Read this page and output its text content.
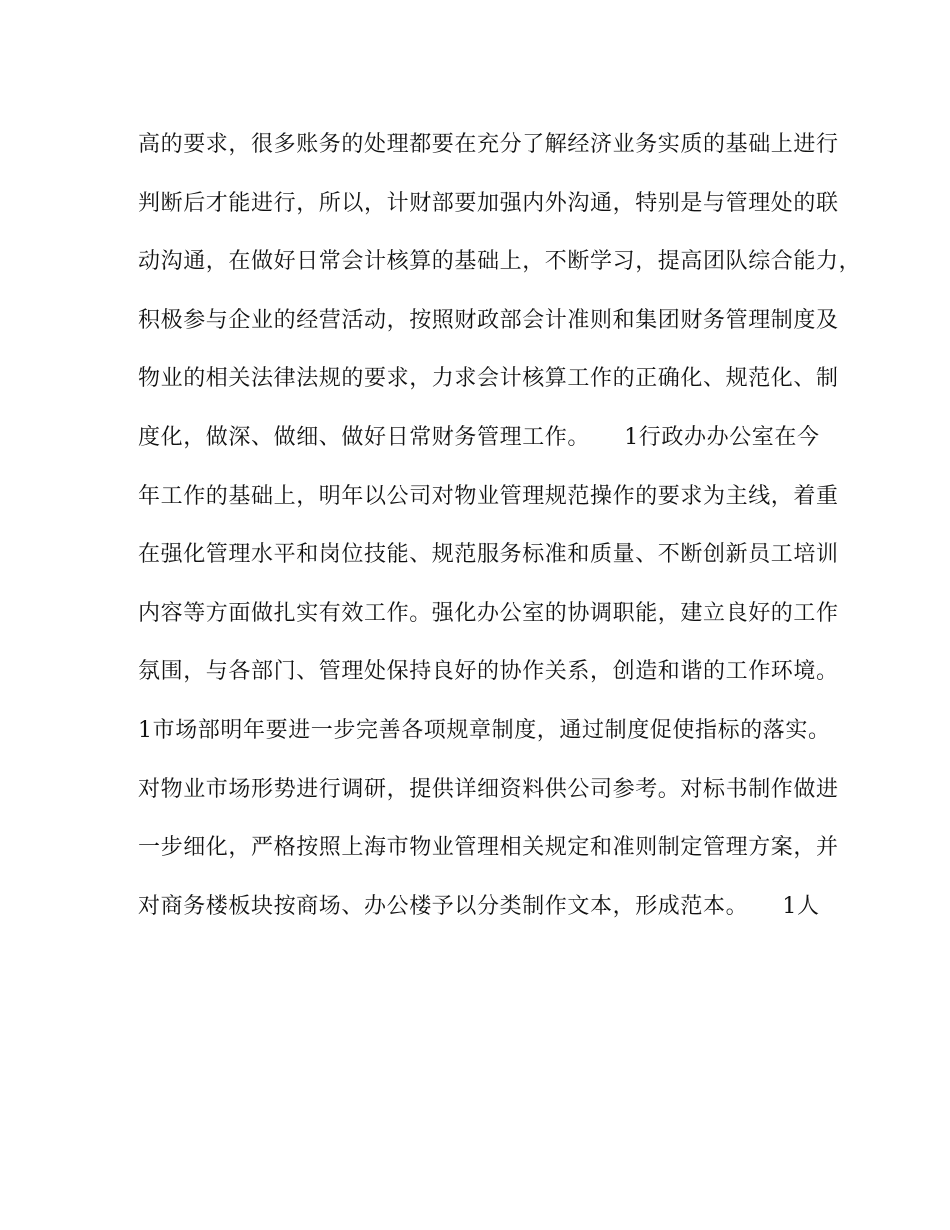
高的要求，很多账务的处理都要在充分了解经济业务实质的基础上进行
判断后才能进行，所以，计财部要加强内外沟通，特别是与管理处的联
动沟通，在做好日常会计核算的基础上，不断学习，提高团队综合能力，
积极参与企业的经营活动，按照财政部会计准则和集团财务管理制度及
物业的相关法律法规的要求，力求会计核算工作的正确化、规范化、制
度化，做深、做细、做好日常财务管理工作。　　1行政办办公室在今
年工作的基础上，明年以公司对物业管理规范操作的要求为主线，着重
在强化管理水平和岗位技能、规范服务标准和质量、不断创新员工培训
内容等方面做扎实有效工作。强化办公室的协调职能，建立良好的工作
氛围，与各部门、管理处保持良好的协作关系，创造和谐的工作环境。
1市场部明年要进一步完善各项规章制度，通过制度促使指标的落实。
对物业市场形势进行调研，提供详细资料供公司参考。对标书制作做进
一步细化，严格按照上海市物业管理相关规定和准则制定管理方案，并
对商务楼板块按商场、办公楼予以分类制作文本，形成范本。　　1人
